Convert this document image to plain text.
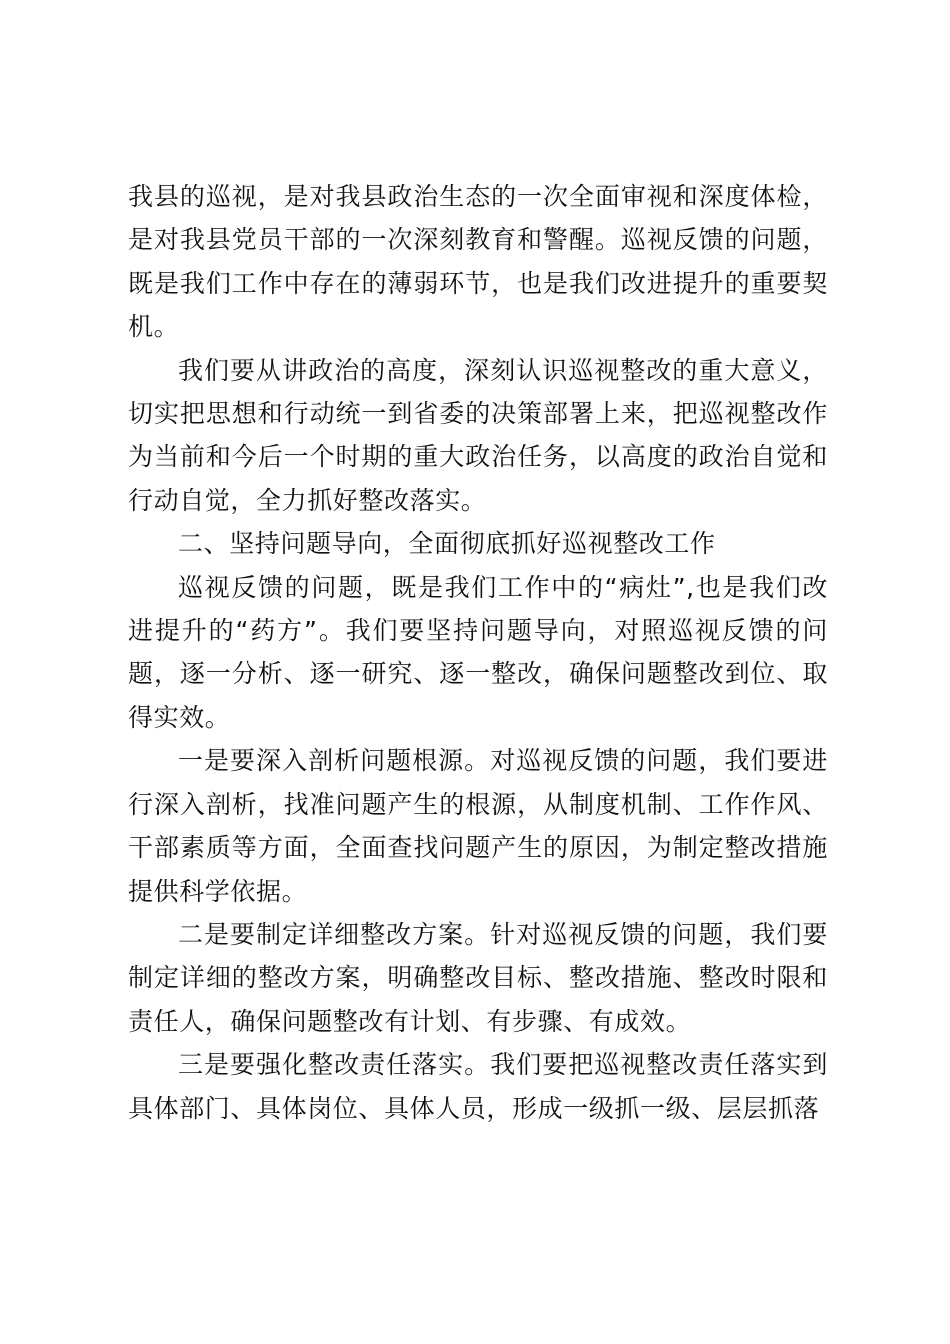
我县的巡视，是对我县政治生态的一次全面审视和深度体检，是对我县党员干部的一次深刻教育和警醒。巡视反馈的问题，既是我们工作中存在的薄弱环节，也是我们改进提升的重要契机。

我们要从讲政治的高度，深刻认识巡视整改的重大意义，切实把思想和行动统一到省委的决策部署上来，把巡视整改作为当前和今后一个时期的重大政治任务，以高度的政治自觉和行动自觉，全力抓好整改落实。

二、坚持问题导向，全面彻底抓好巡视整改工作

巡视反馈的问题，既是我们工作中的“病灶”,也是我们改进提升的“药方”。我们要坚持问题导向，对照巡视反馈的问题，逐一分析、逐一研究、逐一整改，确保问题整改到位、取得实效。

一是要深入剖析问题根源。对巡视反馈的问题，我们要进行深入剖析，找准问题产生的根源，从制度机制、工作作风、干部素质等方面，全面查找问题产生的原因，为制定整改措施提供科学依据。

二是要制定详细整改方案。针对巡视反馈的问题，我们要制定详细的整改方案，明确整改目标、整改措施、整改时限和责任人，确保问题整改有计划、有步骤、有成效。

三是要强化整改责任落实。我们要把巡视整改责任落实到具体部门、具体岗位、具体人员，形成一级抓一级、层层抓落
